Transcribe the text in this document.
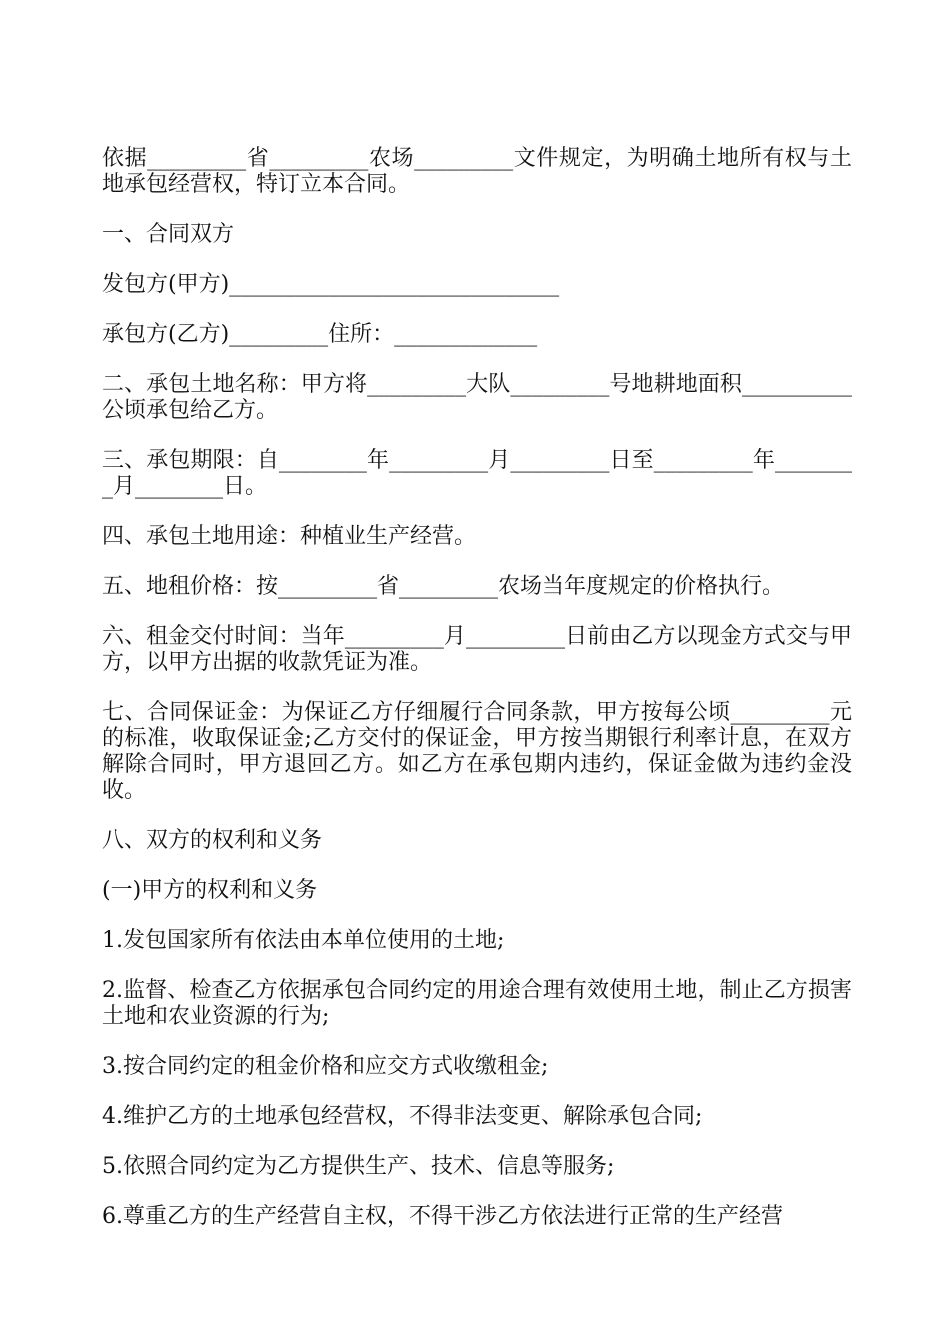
依据_________省_________农场_________文件规定，为明确土地所有权与土地承包经营权，特订立本合同。

一、合同双方

发包方(甲方)______________________________

承包方(乙方)_________住所：_____________

二、承包土地名称：甲方将_________大队_________号地耕地面积__________公顷承包给乙方。

三、承包期限：自________年_________月_________日至_________年________月________日。

四、承包土地用途：种植业生产经营。

五、地租价格：按_________省_________农场当年度规定的价格执行。

六、租金交付时间：当年_________月_________日前由乙方以现金方式交与甲方，以甲方出据的收款凭证为准。

七、合同保证金：为保证乙方仔细履行合同条款，甲方按每公顷_________元的标准，收取保证金;乙方交付的保证金，甲方按当期银行利率计息，在双方解除合同时，甲方退回乙方。如乙方在承包期内违约，保证金做为违约金没收。

八、双方的权利和义务

(一)甲方的权利和义务

1.发包国家所有依法由本单位使用的土地;

2.监督、检查乙方依据承包合同约定的用途合理有效使用土地，制止乙方损害土地和农业资源的行为;

3.按合同约定的租金价格和应交方式收缴租金;

4.维护乙方的土地承包经营权，不得非法变更、解除承包合同;

5.依照合同约定为乙方提供生产、技术、信息等服务;

6.尊重乙方的生产经营自主权，不得干涉乙方依法进行正常的生产经营
